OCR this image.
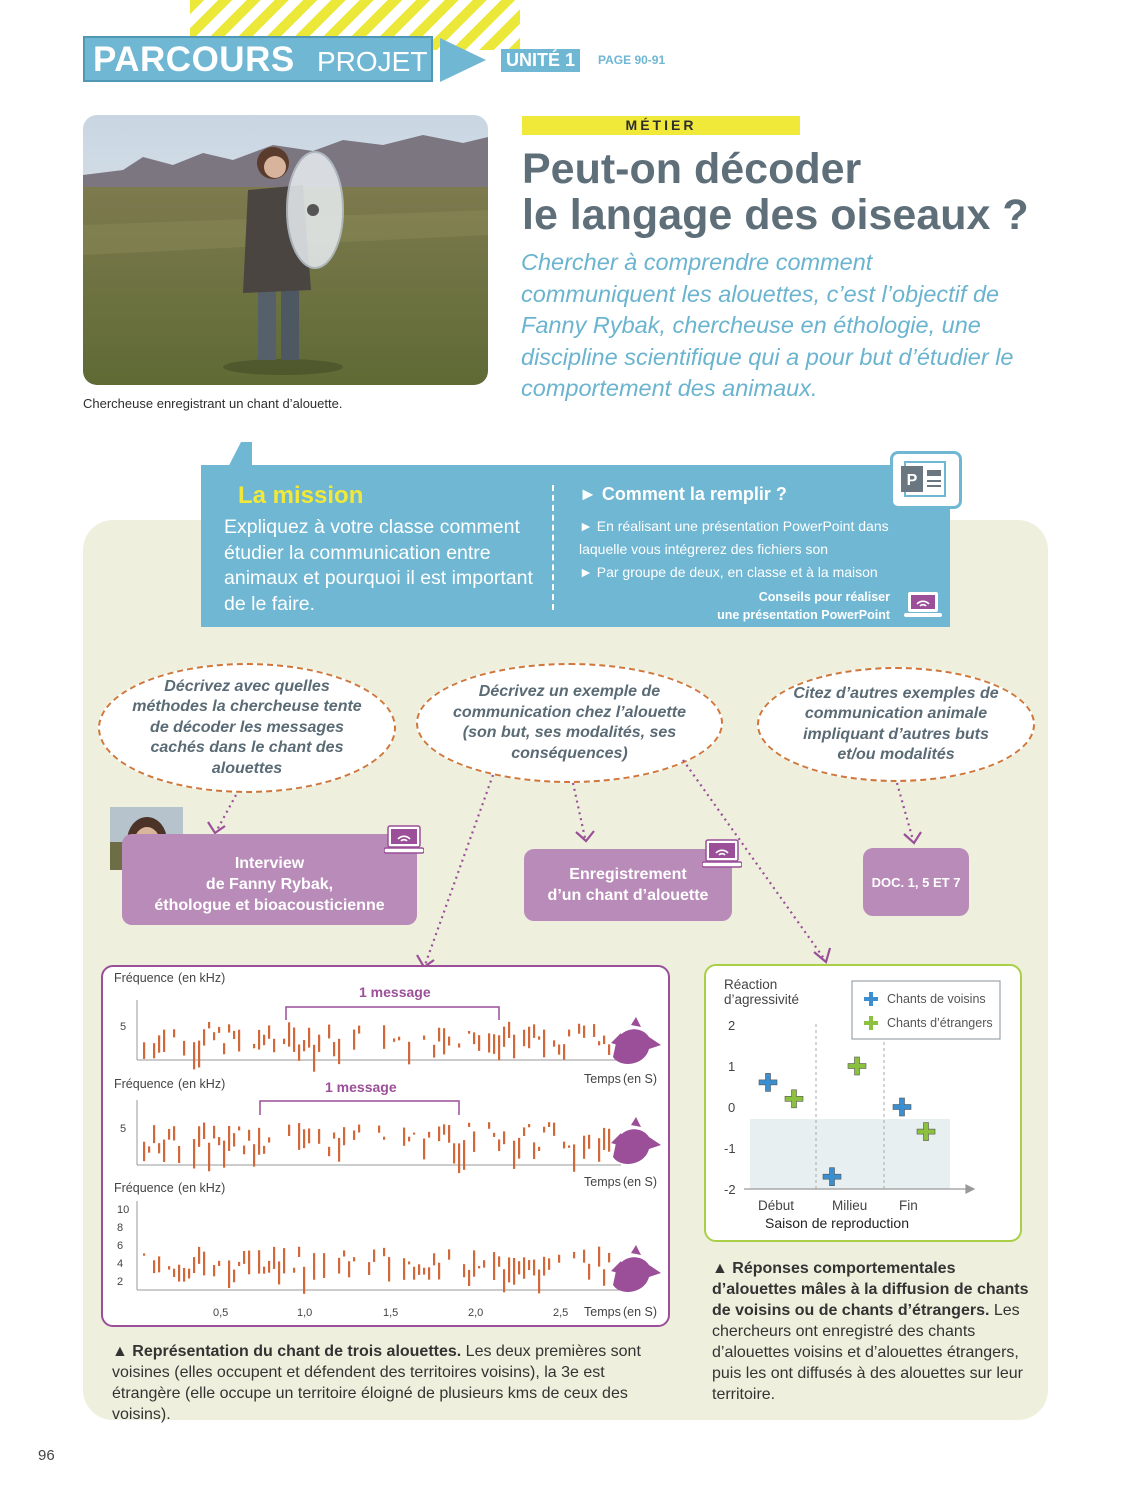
PARCOURS PROJET	UNITÉ 1	PAGE 90-91
Chercheuse enregistrant un chant d’alouette.
MÉTIER
Peut-on décoder
le langage des oiseaux ?
Chercher à comprendre comment communiquent les alouettes, c’est l’objectif de Fanny Rybak, chercheuse en éthologie, une discipline scientifique qui a pour but d’étudier le comportement des animaux.
La mission
Expliquez à votre classe comment étudier la communication entre animaux et pourquoi il est important de le faire.
► Comment la remplir ?
► En réalisant une présentation PowerPoint dans laquelle vous intégrerez des fichiers son
► Par groupe de deux, en classe et à la maison
Conseils pour réaliser
une présentation PowerPoint
P
Décrivez avec quelles méthodes la chercheuse tente de décoder les messages cachés dans le chant des alouettes
Décrivez un exemple de communication chez l’alouette (son but, ses modalités, ses conséquences)
Citez d’autres exemples de communication animale impliquant d’autres buts et/ou modalités
Interview
de Fanny Rybak,
éthologue et bioacousticienne
Enregistrement
d’un chant d’alouette
DOC. 1, 5 ET 7
Fréquence (en kHz)
5
Temps (en S)
1 message
Fréquence (en kHz)
5
Temps (en S)
1 message
Fréquence (en kHz)
Temps (en S)
10
8
6
4
2
0,5	1,0	1,5	2,0	2,5
▲ Représentation du chant de trois alouettes. Les deux premières sont voisines (elles occupent et défendent des territoires voisins), la 3e est étrangère (elle occupe un territoire éloigné de plusieurs kms de ceux des voisins).
Réaction
d’agressivité
Saison de reproduction
2
1
0
-1
-2
Début	Milieu Fin
Chants de voisins
Chants d’étrangers
▲ Réponses comportementales d’alouettes mâles à la diffusion de chants de voisins ou de chants d’étrangers. Les chercheurs ont enregistré des chants d’alouettes voisins et d’alouettes étrangers, puis les ont diffusés à des alouettes sur leur territoire.
96
